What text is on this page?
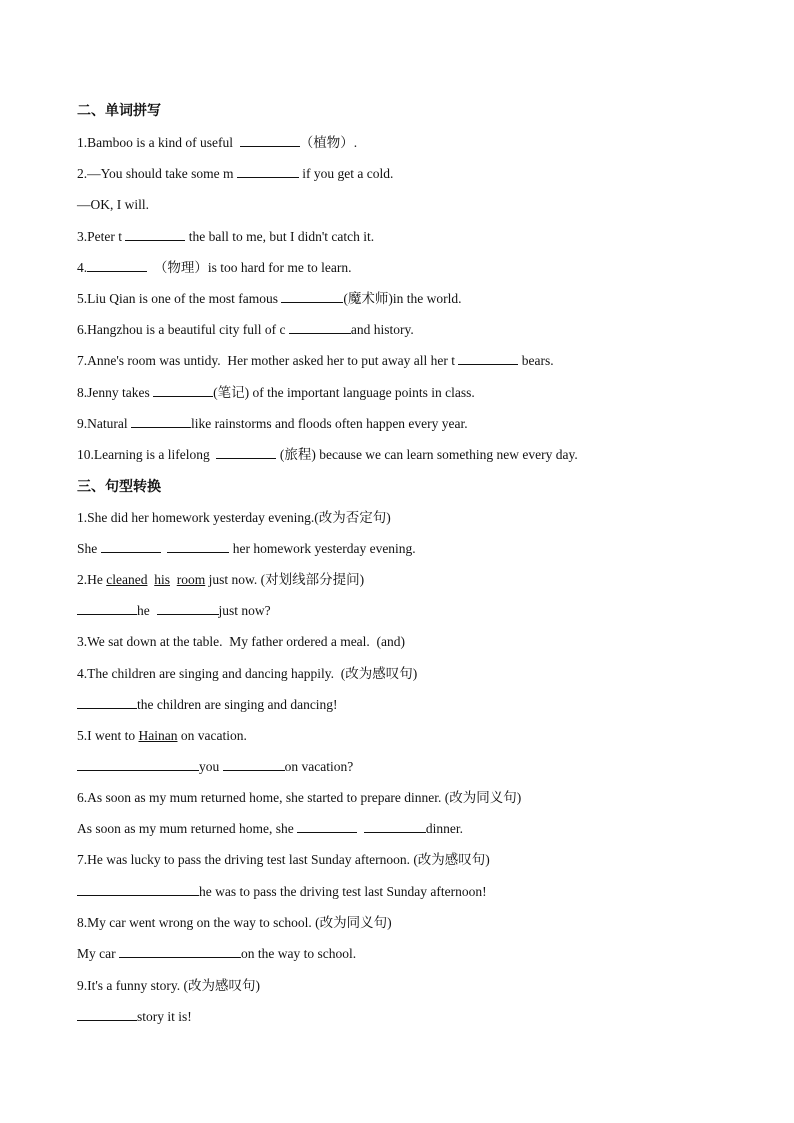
二、单词拼写
1.Bamboo is a kind of useful	（植物）.
2.—You should take some m	if you get a cold.
—OK, I will.
3.Peter t	the ball to me, but I didn't catch it.
4.	（物理）is too hard for me to learn.
5.Liu Qian is one of the most famous	(魔术师)in the world.
6.Hangzhou is a beautiful city full of c	and history.
7.Anne's room was untidy.  Her mother asked her to put away all her t	bears.
8.Jenny takes	(笔记) of the important language points in class.
9.Natural	like rainstorms and floods often happen every year.
10.Learning is a lifelong	(旅程) because we can learn something new every day.
三、句型转换
1.She did her homework yesterday evening.(改为否定句)
She	her homework yesterday evening.
2.He cleaned his room just now. (对划线部分提问)
he	just now?
3.We sat down at the table.  My father ordered a meal.  (and)
4.The children are singing and dancing happily.  (改为感叹句)
the children are singing and dancing!
5.I went to Hainan on vacation.
you	on vacation?
6.As soon as my mum returned home, she started to prepare dinner. (改为同义句)
As soon as my mum returned home, she	dinner.
7.He was lucky to pass the driving test last Sunday afternoon. (改为感叹句)
he was to pass the driving test last Sunday afternoon!
8.My car went wrong on the way to school. (改为同义句)
My car	on the way to school.
9.It's a funny story. (改为感叹句)
story it is!
